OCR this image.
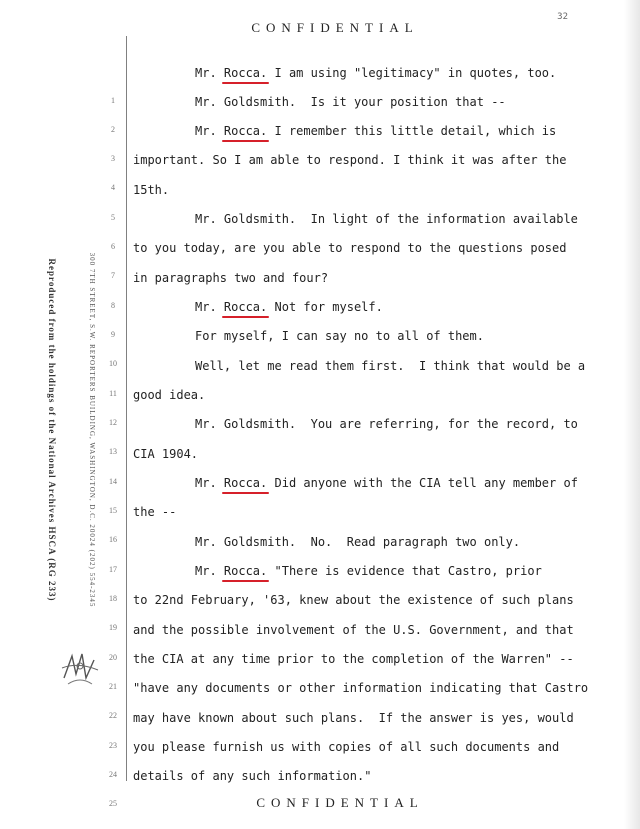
CONFIDENTIAL
32
Reproduced from the holdings of the National Archives HSCA (RG 233)	300 7TH STREET, S.W. REPORTERS BUILDING, WASHINGTON, D.C. 20024 (202) 554-2345
1
2
3
4
5
6
7
8
9
10
11
12
13
14
15
16
17
18
19
20
21
22
23
24
25
Mr. Rocca. I am using "legitimacy" in quotes, too.
Mr. Goldsmith.  Is it your position that --
Mr. Rocca. I remember this little detail, which is
important. So I am able to respond. I think it was after the
15th.
Mr. Goldsmith.  In light of the information available
to you today, are you able to respond to the questions posed
in paragraphs two and four?
Mr. Rocca. Not for myself.
For myself, I can say no to all of them.
Well, let me read them first.  I think that would be a
good idea.
Mr. Goldsmith.  You are referring, for the record, to
CIA 1904.
Mr. Rocca. Did anyone with the CIA tell any member of
the --
Mr. Goldsmith.  No.  Read paragraph two only.
Mr. Rocca. "There is evidence that Castro, prior
to 22nd February, '63, knew about the existence of such plans
and the possible involvement of the U.S. Government, and that
the CIA at any time prior to the completion of the Warren" --
"have any documents or other information indicating that Castro
may have known about such plans.  If the answer is yes, would
you please furnish us with copies of all such documents and
details of any such information."
CONFIDENTIAL
